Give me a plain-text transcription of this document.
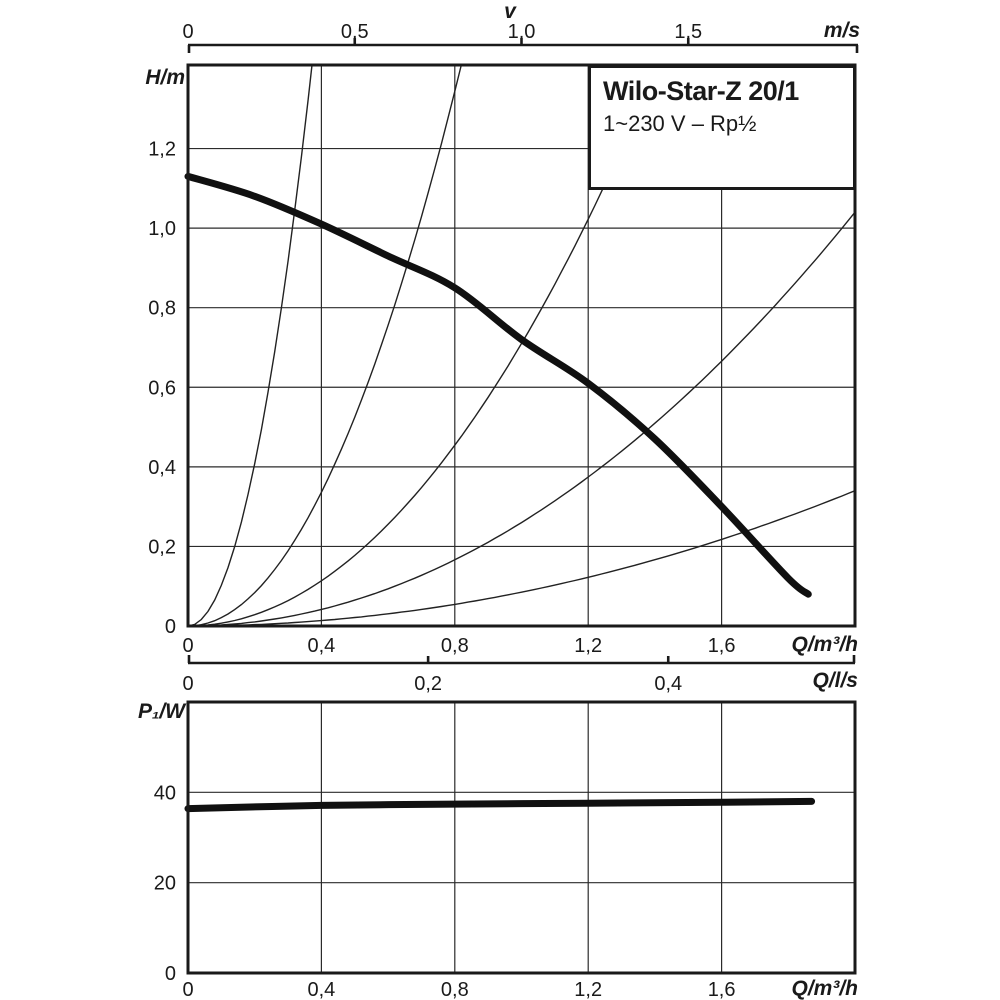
0	0,4	0,8	1,2	1,6
0
0,2
0,4
0,6
0,8
1,0
1,2
0	0,4	0,8	1,2	1,6
0
20
40
0	0,5	1,0	1,5
0	0,2	0,4
v
m/s
H/m
Q/m³/h
Q/l/s
P₁/W
Q/m³/h
Wilo-Star-Z 20/1
1~230 V – Rp½
